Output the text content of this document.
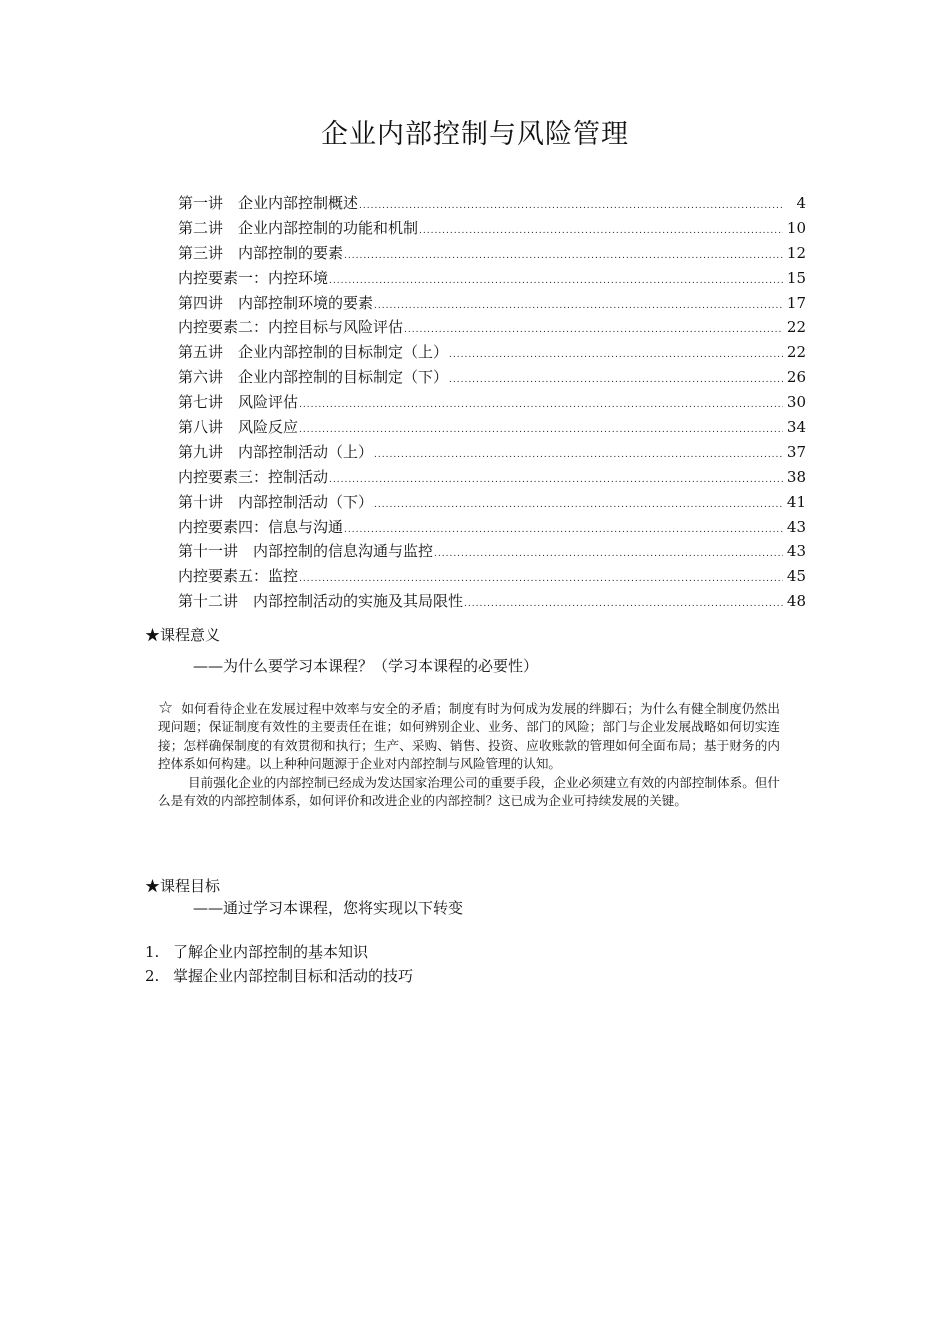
企业内部控制与风险管理
第一讲　企业内部控制概述 .....	4
第二讲　企业内部控制的功能和机制 .....	10
第三讲　内部控制的要素 .....	12
内控要素一：内控环境 .....	15
第四讲　内部控制环境的要素 .....	17
内控要素二：内控目标与风险评估 .....	22
第五讲　企业内部控制的目标制定（上） .....	22
第六讲　企业内部控制的目标制定（下） .....	26
第七讲　风险评估 .....	30
第八讲　风险反应 .....	34
第九讲　内部控制活动（上） .....	37
内控要素三：控制活动 .....	38
第十讲　内部控制活动（下） .....	41
内控要素四：信息与沟通 .....	43
第十一讲　内部控制的信息沟通与监控 .....	43
内控要素五：监控 .....	45
第十二讲　内部控制活动的实施及其局限性 .....	48
★课程意义
——为什么要学习本课程？（学习本课程的必要性）

☆ 如何看待企业在发展过程中效率与安全的矛盾；制度有时为何成为发展的绊脚石；为什么有健全制度仍然出现问题；保证制度有效性的主要责任在谁；如何辨别企业、业务、部门的风险；部门与企业发展战略如何切实连接；怎样确保制度的有效贯彻和执行；生产、采购、销售、投资、应收账款的管理如何全面布局；基于财务的内控体系如何构建。以上种种问题源于企业对内部控制与风险管理的认知。

目前强化企业的内部控制已经成为发达国家治理公司的重要手段，企业必须建立有效的内部控制体系。但什么是有效的内部控制体系，如何评价和改进企业的内部控制？这已成为企业可持续发展的关键。

★课程目标
——通过学习本课程，您将实现以下转变
1. 了解企业内部控制的基本知识
2. 掌握企业内部控制目标和活动的技巧
